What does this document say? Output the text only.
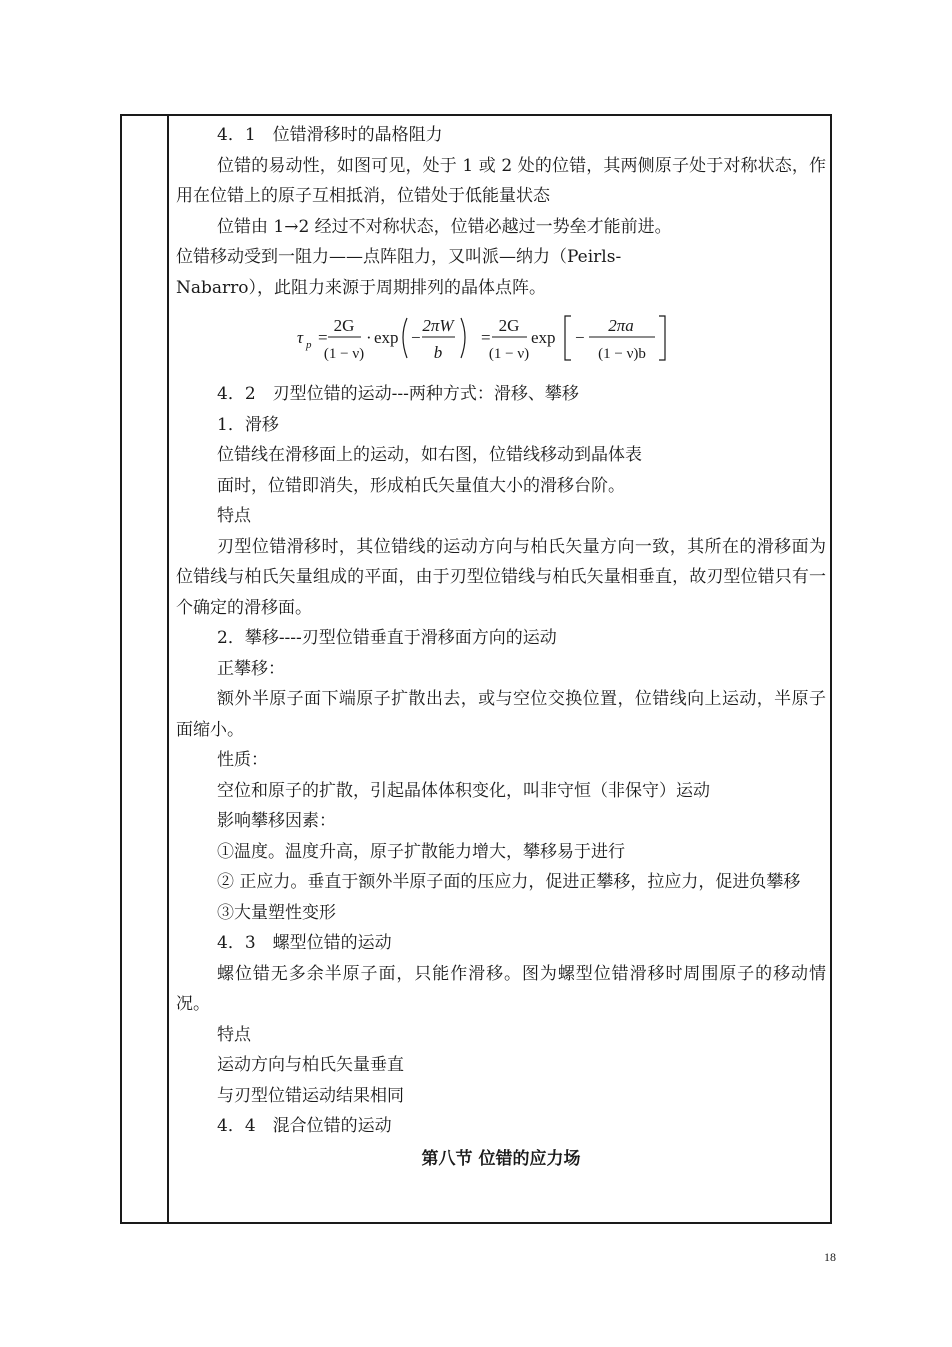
4．1　位错滑移时的晶格阻力

位错的易动性，如图可见，处于 1 或 2 处的位错，其两侧原子处于对称状态，作用在位错上的原子互相抵消，位错处于低能量状态

位错由 1→2 经过不对称状态，位错必越过一势垒才能前进。

位错移动受到一阻力——点阵阻力，又叫派—纳力（Peirls-

Nabarro），此阻力来源于周期排列的晶体点阵。

τ p =
2G
(1 − ν)
· exp −
2πW
b
=
2G
(1 − ν)
exp −
2πa
(1 − ν)b

4．2　刃型位错的运动---两种方式：滑移、攀移

1．滑移

位错线在滑移面上的运动，如右图，位错线移动到晶体表

面时，位错即消失，形成柏氏矢量值大小的滑移台阶。

特点

刃型位错滑移时，其位错线的运动方向与柏氏矢量方向一致，其所在的滑移面为位错线与柏氏矢量组成的平面，由于刃型位错线与柏氏矢量相垂直，故刃型位错只有一个确定的滑移面。

2．攀移----刃型位错垂直于滑移面方向的运动

正攀移：

额外半原子面下端原子扩散出去，或与空位交换位置，位错线向上运动，半原子面缩小。

性质：

空位和原子的扩散，引起晶体体积变化，叫非守恒（非保守）运动

影响攀移因素：

①温度。温度升高，原子扩散能力增大，攀移易于进行

② 正应力。垂直于额外半原子面的压应力，促进正攀移，拉应力，促进负攀移

③大量塑性变形

4．3　螺型位错的运动

螺位错无多余半原子面，只能作滑移。图为螺型位错滑移时周围原子的移动情况。

特点

运动方向与柏氏矢量垂直

与刃型位错运动结果相同

4．4　混合位错的运动

第八节 位错的应力场
18
